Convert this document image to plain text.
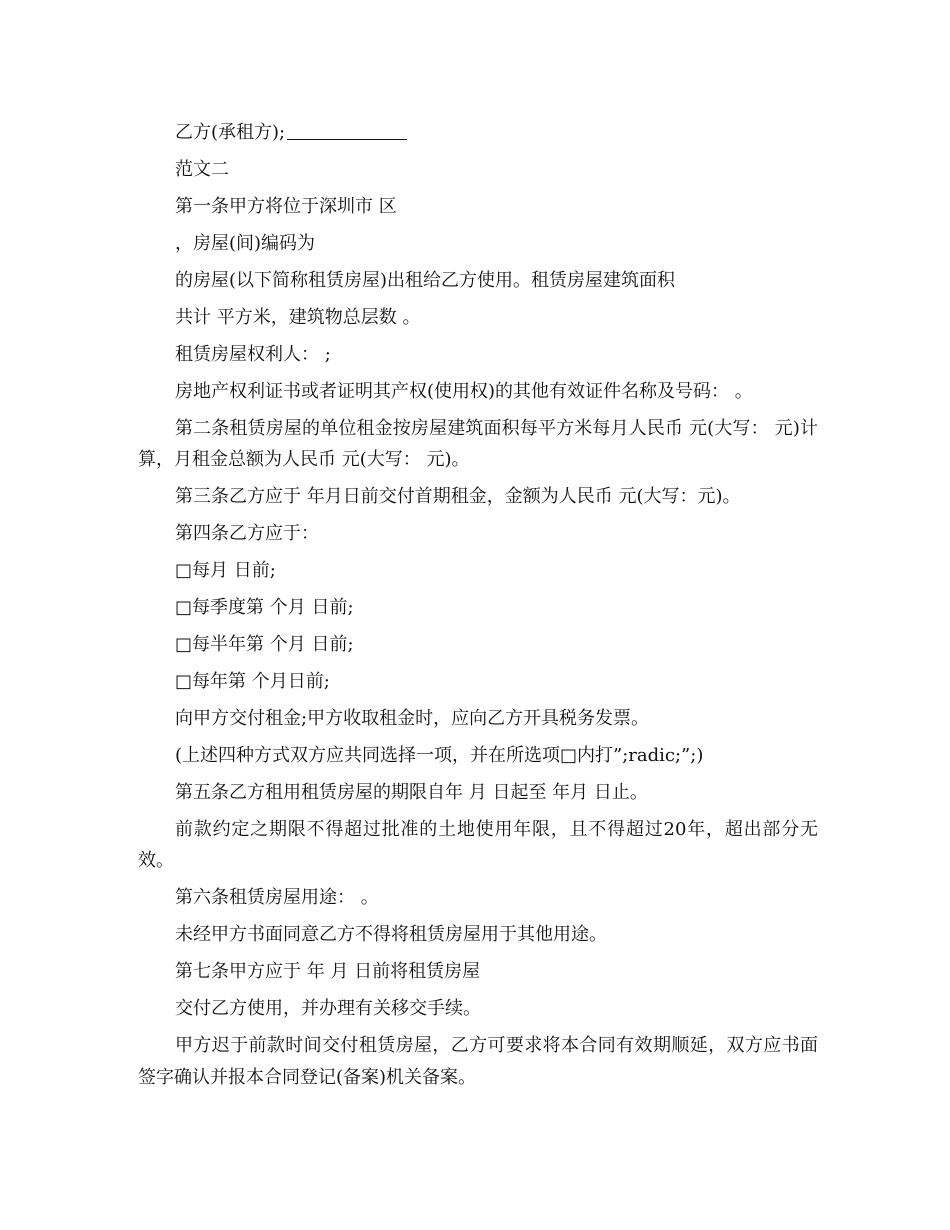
乙方(承租方);

范文二

第一条甲方将位于深圳市 区

，房屋(间)编码为

的房屋(以下简称租赁房屋)出租给乙方使用。租赁房屋建筑面积

共计 平方米，建筑物总层数 。

租赁房屋权利人： ;

房地产权利证书或者证明其产权(使用权)的其他有效证件名称及号码： 。

第二条租赁房屋的单位租金按房屋建筑面积每平方米每月人民币 元(大写： 元)计算，月租金总额为人民币 元(大写： 元)。

第三条乙方应于 年月日前交付首期租金，金额为人民币 元(大写：元)。

第四条乙方应于：

□每月 日前;

□每季度第 个月 日前;

□每半年第 个月 日前;

□每年第 个月日前;

向甲方交付租金;甲方收取租金时，应向乙方开具税务发票。

(上述四种方式双方应共同选择一项，并在所选项□内打”;radic;”;)

第五条乙方租用租赁房屋的期限自年 月 日起至 年月 日止。

前款约定之期限不得超过批准的土地使用年限，且不得超过20年，超出部分无效。

第六条租赁房屋用途： 。

未经甲方书面同意乙方不得将租赁房屋用于其他用途。

第七条甲方应于 年 月 日前将租赁房屋

交付乙方使用，并办理有关移交手续。

甲方迟于前款时间交付租赁房屋，乙方可要求将本合同有效期顺延，双方应书面签字确认并报本合同登记(备案)机关备案。
